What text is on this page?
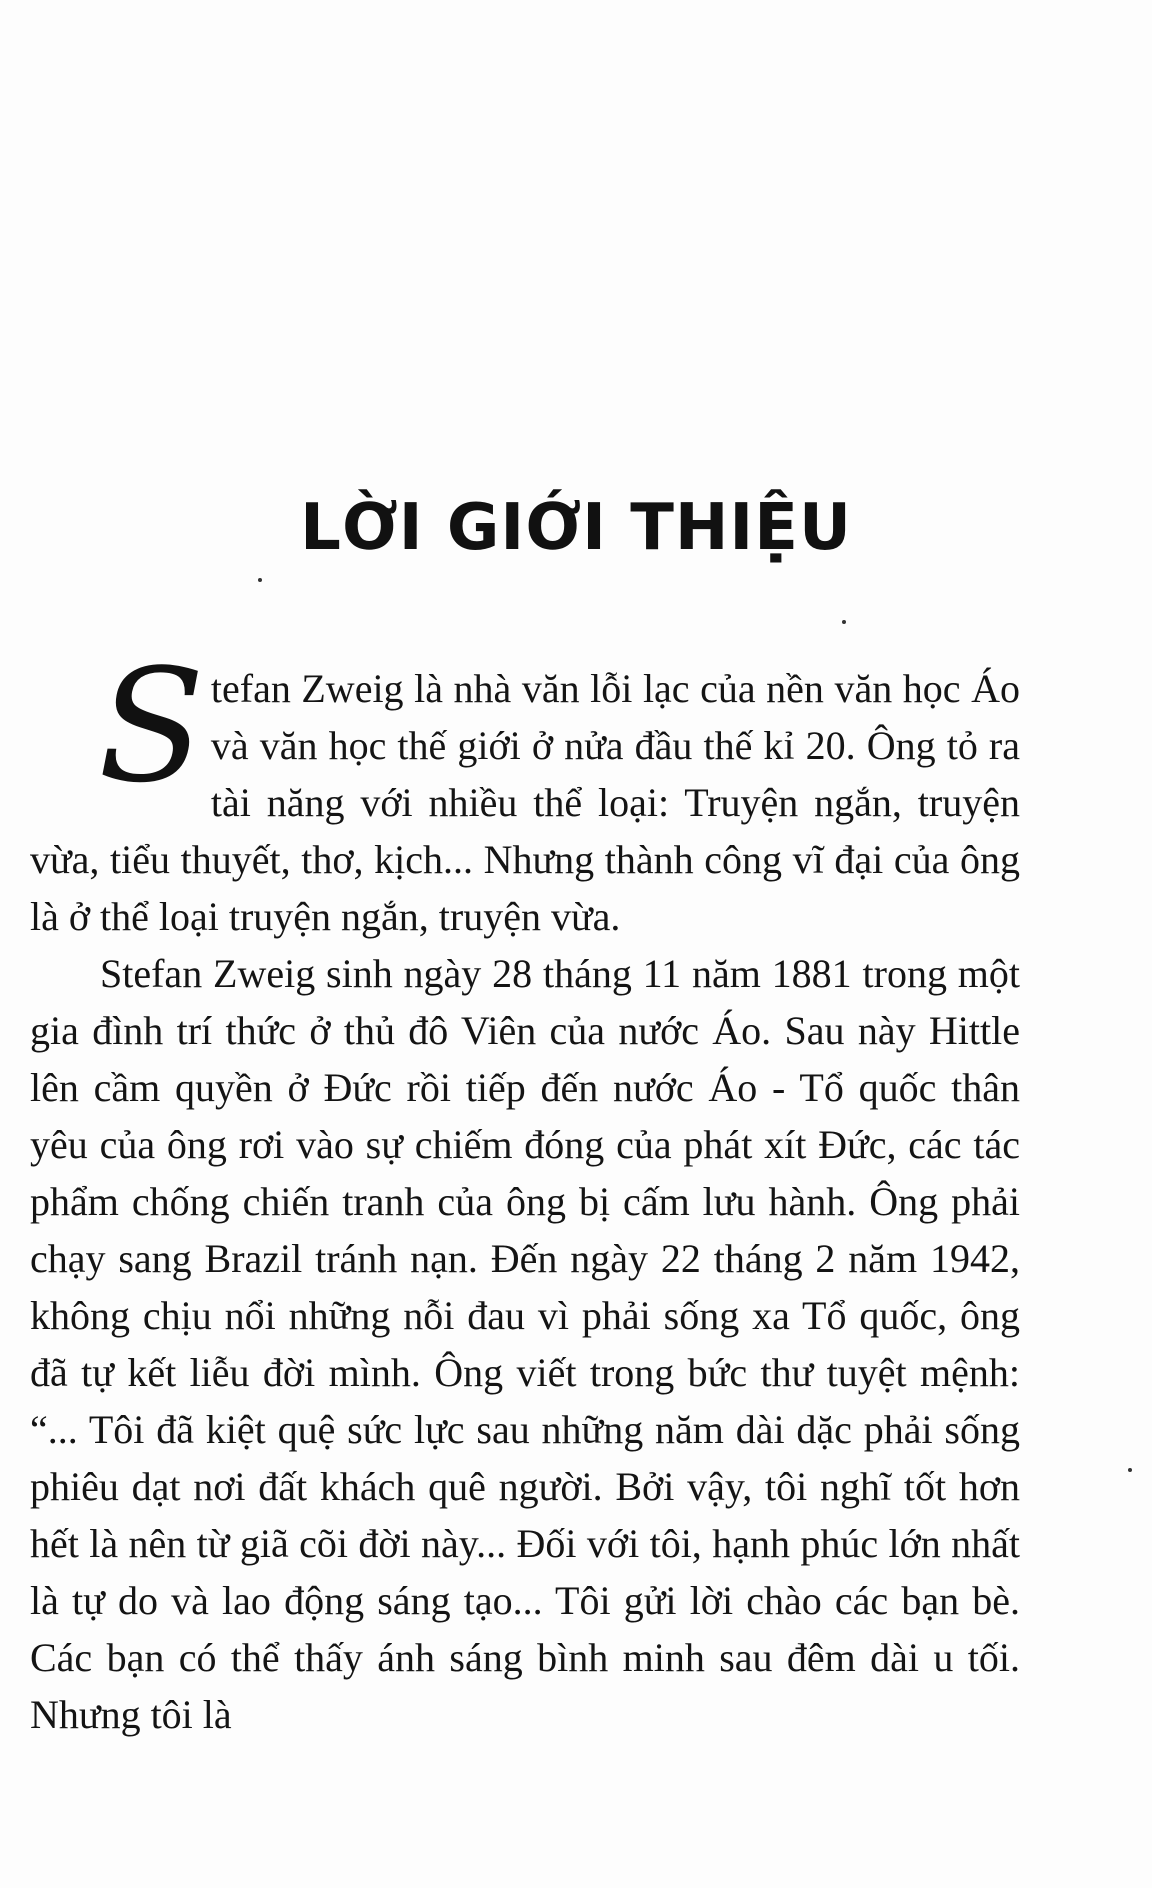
LỜI GIỚI THIỆU

Stefan Zweig là nhà văn lỗi lạc của nền văn học Áo và văn học thế giới ở nửa đầu thế kỉ 20. Ông tỏ ra tài năng với nhiều thể loại: Truyện ngắn, truyện vừa, tiểu thuyết, thơ, kịch... Nhưng thành công vĩ đại của ông là ở thể loại truyện ngắn, truyện vừa.

Stefan Zweig sinh ngày 28 tháng 11 năm 1881 trong một gia đình trí thức ở thủ đô Viên của nước Áo. Sau này Hittle lên cầm quyền ở Đức rồi tiếp đến nước Áo - Tổ quốc thân yêu của ông rơi vào sự chiếm đóng của phát xít Đức, các tác phẩm chống chiến tranh của ông bị cấm lưu hành. Ông phải chạy sang Brazil tránh nạn. Đến ngày 22 tháng 2 năm 1942, không chịu nổi những nỗi đau vì phải sống xa Tổ quốc, ông đã tự kết liễu đời mình. Ông viết trong bức thư tuyệt mệnh: “... Tôi đã kiệt quệ sức lực sau những năm dài dặc phải sống phiêu dạt nơi đất khách quê người. Bởi vậy, tôi nghĩ tốt hơn hết là nên từ giã cõi đời này... Đối với tôi, hạnh phúc lớn nhất là tự do và lao động sáng tạo... Tôi gửi lời chào các bạn bè. Các bạn có thể thấy ánh sáng bình minh sau đêm dài u tối. Nhưng tôi là
